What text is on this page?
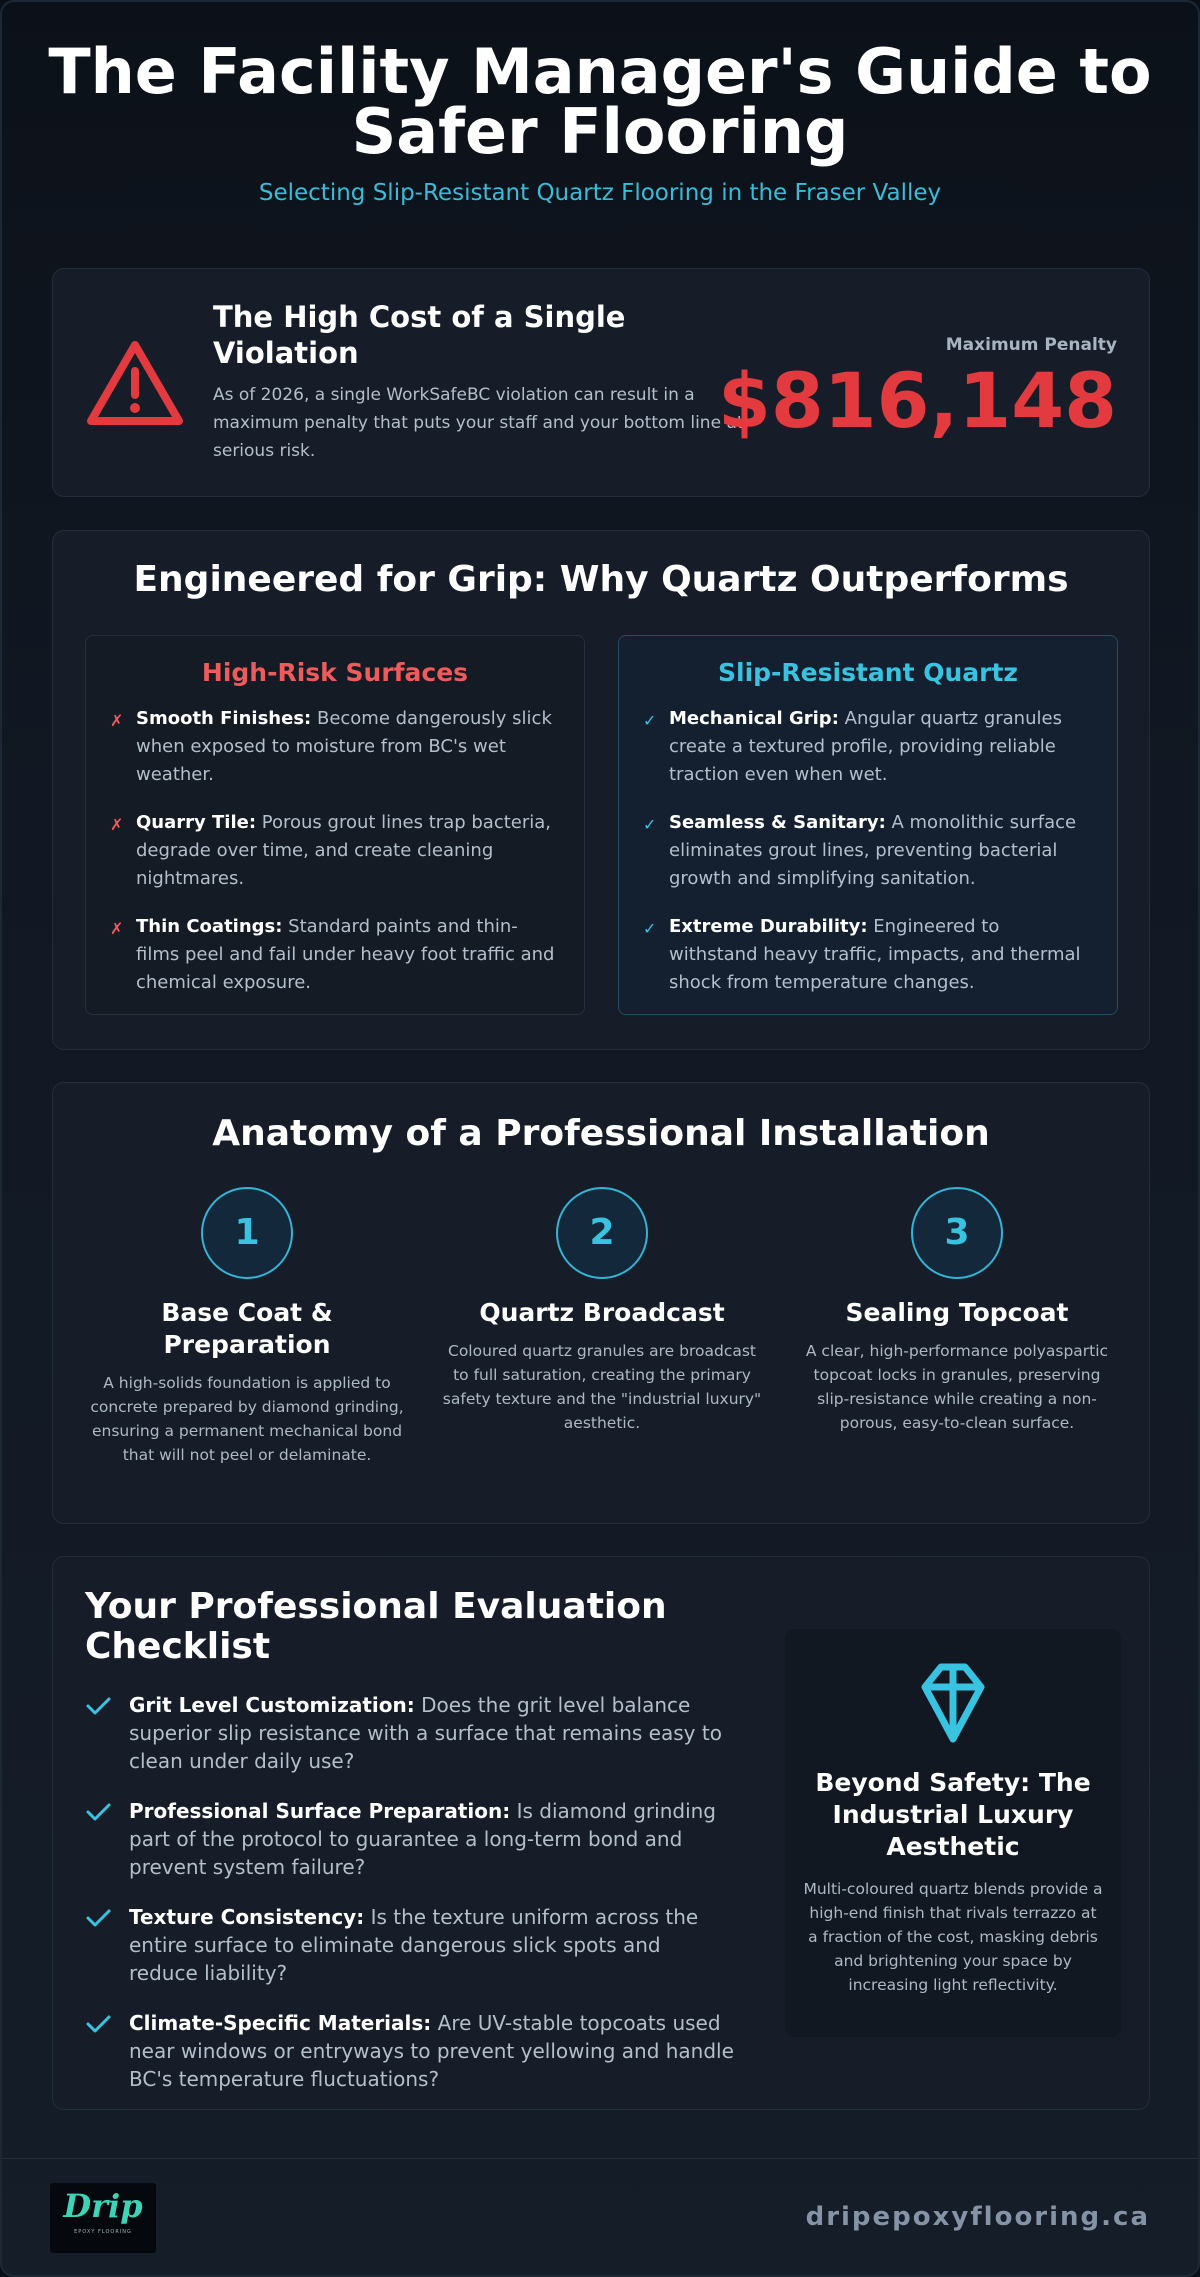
The Facility Manager's Guide to Safer Flooring
Selecting Slip-Resistant Quartz Flooring in the Fraser Valley
The High Cost of a Single Violation

As of 2026, a single WorkSafeBC violation can result in a maximum penalty that puts your staff and your bottom line at serious risk.

Maximum Penalty
$816,148
Engineered for Grip: Why Quartz Outperforms
High-Risk Surfaces
✗ Smooth Finishes: Become dangerously slick when exposed to moisture from BC's wet weather.
✗ Quarry Tile: Porous grout lines trap bacteria, degrade over time, and create cleaning nightmares.
✗ Thin Coatings: Standard paints and thin-films peel and fail under heavy foot traffic and chemical exposure.
Slip-Resistant Quartz
✓ Mechanical Grip: Angular quartz granules create a textured profile, providing reliable traction even when wet.
✓ Seamless & Sanitary: A monolithic surface eliminates grout lines, preventing bacterial growth and simplifying sanitation.
✓ Extreme Durability: Engineered to withstand heavy traffic, impacts, and thermal shock from temperature changes.
Anatomy of a Professional Installation
1
Base Coat & Preparation

A high-solids foundation is applied to concrete prepared by diamond grinding, ensuring a permanent mechanical bond that will not peel or delaminate.

2
Quartz Broadcast

Coloured quartz granules are broadcast to full saturation, creating the primary safety texture and the "industrial luxury" aesthetic.

3
Sealing Topcoat

A clear, high-performance polyaspartic topcoat locks in granules, preserving slip-resistance while creating a non-porous, easy-to-clean surface.

Your Professional Evaluation Checklist
Grit Level Customization: Does the grit level balance superior slip resistance with a surface that remains easy to clean under daily use?
Professional Surface Preparation: Is diamond grinding part of the protocol to guarantee a long-term bond and prevent system failure?
Texture Consistency: Is the texture uniform across the entire surface to eliminate dangerous slick spots and reduce liability?
Climate-Specific Materials: Are UV-stable topcoats used near windows or entryways to prevent yellowing and handle BC's temperature fluctuations?
Beyond Safety: The Industrial Luxury Aesthetic

Multi-coloured quartz blends provide a high-end finish that rivals terrazzo at a fraction of the cost, masking debris and brightening your space by increasing light reflectivity.

Drip
EPOXY FLOORING	dripepoxyflooring.ca
